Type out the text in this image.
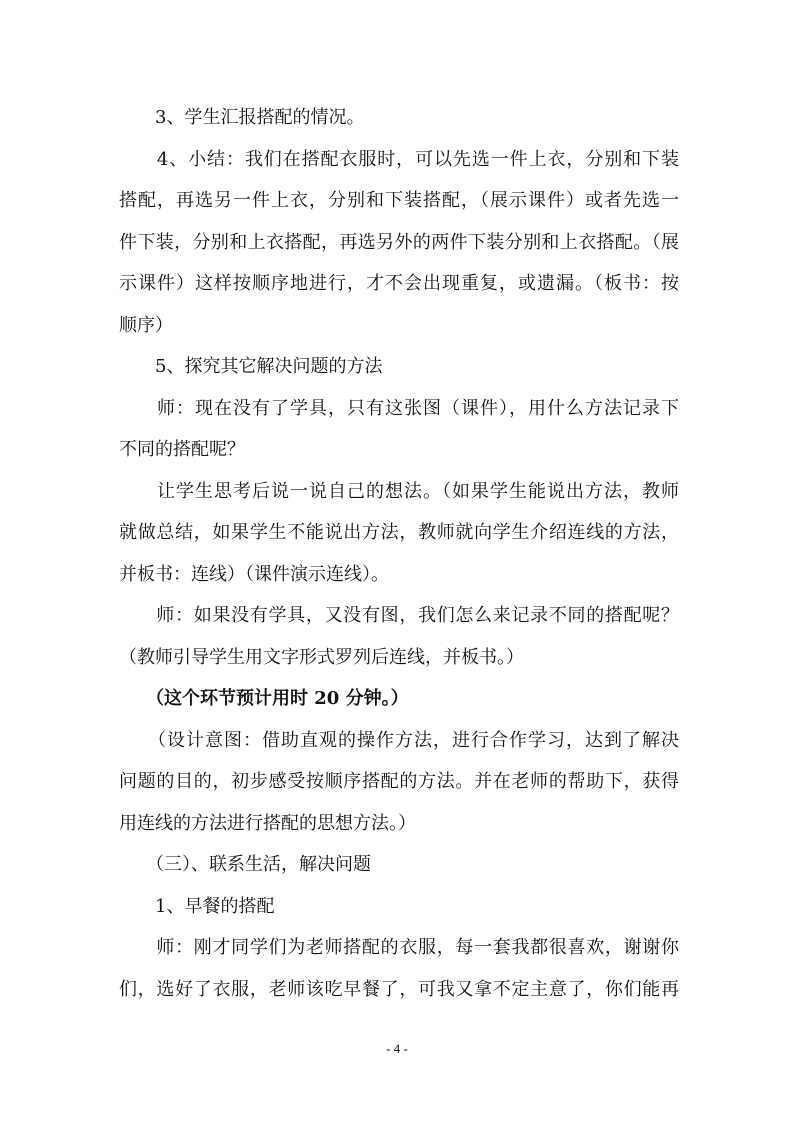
　　3、学生汇报搭配的情况。
　　4、小结：我们在搭配衣服时，可以先选一件上衣，分别和下装
搭配，再选另一件上衣，分别和下装搭配，（展示课件）或者先选一
件下装，分别和上衣搭配，再选另外的两件下装分别和上衣搭配。（展
示课件）这样按顺序地进行，才不会出现重复，或遗漏。（板书：按
顺序）
　　5、探究其它解决问题的方法
　　师：现在没有了学具，只有这张图（课件），用什么方法记录下
不同的搭配呢？
　　让学生思考后说一说自己的想法。（如果学生能说出方法，教师
就做总结，如果学生不能说出方法，教师就向学生介绍连线的方法，
并板书：连线）（课件演示连线）。
　　师：如果没有学具，又没有图，我们怎么来记录不同的搭配呢？
（教师引导学生用文字形式罗列后连线，并板书。）
　　（这个环节预计用时 20 分钟。）
　　（设计意图：借助直观的操作方法，进行合作学习，达到了解决
问题的目的，初步感受按顺序搭配的方法。并在老师的帮助下，获得
用连线的方法进行搭配的思想方法。）
　　（三）、联系生活，解决问题
　　1、早餐的搭配
　　师：刚才同学们为老师搭配的衣服，每一套我都很喜欢，谢谢你
们，选好了衣服，老师该吃早餐了，可我又拿不定主意了，你们能再
- 4 -
